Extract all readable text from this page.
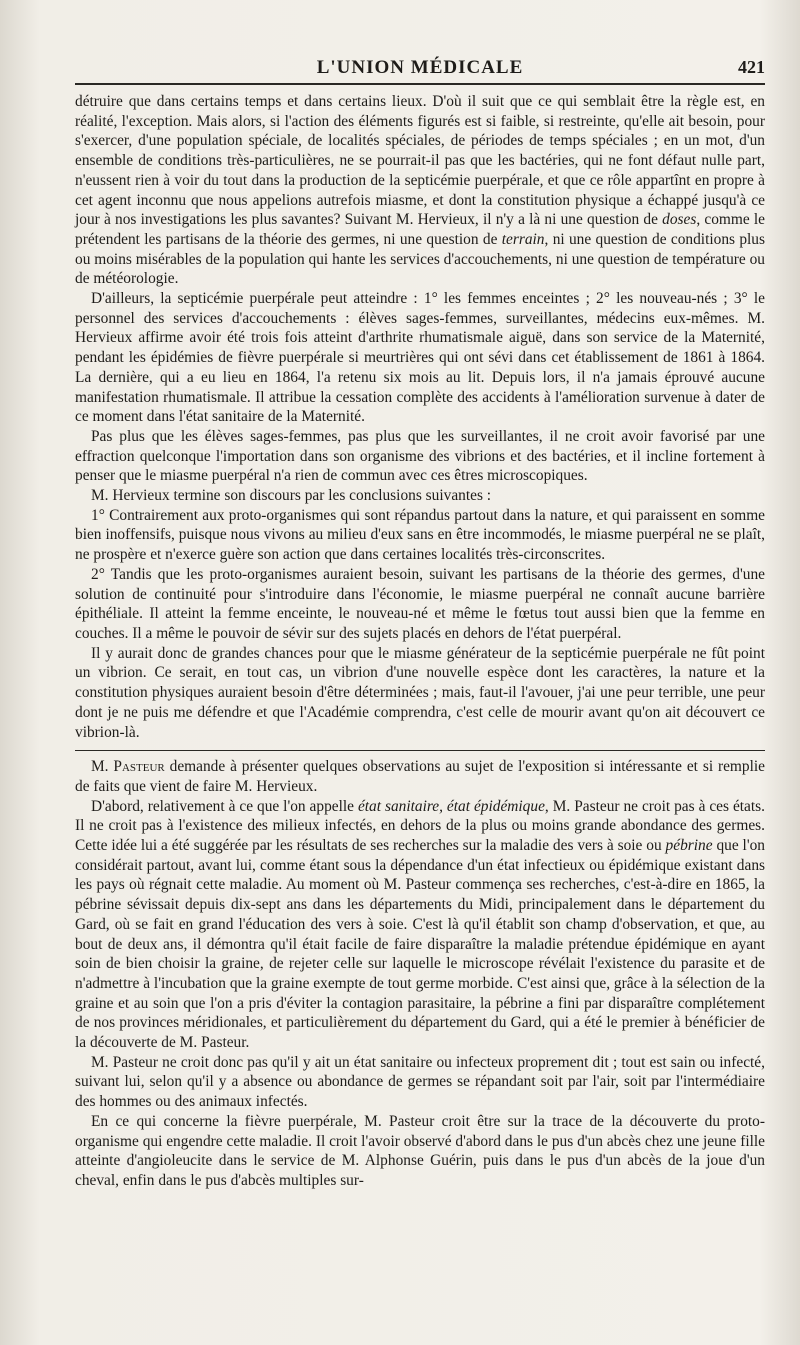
L'UNION MÉDICALE	421

détruire que dans certains temps et dans certains lieux. D'où il suit que ce qui semblait être la règle est, en réalité, l'exception. Mais alors, si l'action des éléments figurés est si faible, si restreinte, qu'elle ait besoin, pour s'exercer, d'une population spéciale, de localités spéciales, de périodes de temps spéciales ; en un mot, d'un ensemble de conditions très-particulières, ne se pourrait-il pas que les bactéries, qui ne font défaut nulle part, n'eussent rien à voir du tout dans la production de la septicémie puerpérale, et que ce rôle appartînt en propre à cet agent inconnu que nous appelions autrefois miasme, et dont la constitution physique a échappé jusqu'à ce jour à nos investigations les plus savantes? Suivant M. Hervieux, il n'y a là ni une question de doses, comme le prétendent les partisans de la théorie des germes, ni une question de terrain, ni une question de conditions plus ou moins misérables de la population qui hante les services d'accouchements, ni une question de température ou de météorologie.

D'ailleurs, la septicémie puerpérale peut atteindre : 1° les femmes enceintes ; 2° les nouveau-nés ; 3° le personnel des services d'accouchements : élèves sages-femmes, surveillantes, médecins eux-mêmes. M. Hervieux affirme avoir été trois fois atteint d'arthrite rhumatismale aiguë, dans son service de la Maternité, pendant les épidémies de fièvre puerpérale si meurtrières qui ont sévi dans cet établissement de 1861 à 1864. La dernière, qui a eu lieu en 1864, l'a retenu six mois au lit. Depuis lors, il n'a jamais éprouvé aucune manifestation rhumatismale. Il attribue la cessation complète des accidents à l'amélioration survenue à dater de ce moment dans l'état sanitaire de la Maternité.

Pas plus que les élèves sages-femmes, pas plus que les surveillantes, il ne croit avoir favorisé par une effraction quelconque l'importation dans son organisme des vibrions et des bactéries, et il incline fortement à penser que le miasme puerpéral n'a rien de commun avec ces êtres microscopiques.

M. Hervieux termine son discours par les conclusions suivantes :

1° Contrairement aux proto-organismes qui sont répandus partout dans la nature, et qui paraissent en somme bien inoffensifs, puisque nous vivons au milieu d'eux sans en être incommodés, le miasme puerpéral ne se plaît, ne prospère et n'exerce guère son action que dans certaines localités très-circonscrites.

2° Tandis que les proto-organismes auraient besoin, suivant les partisans de la théorie des germes, d'une solution de continuité pour s'introduire dans l'économie, le miasme puerpéral ne connaît aucune barrière épithéliale. Il atteint la femme enceinte, le nouveau-né et même le fœtus tout aussi bien que la femme en couches. Il a même le pouvoir de sévir sur des sujets placés en dehors de l'état puerpéral.

Il y aurait donc de grandes chances pour que le miasme générateur de la septicémie puerpérale ne fût point un vibrion. Ce serait, en tout cas, un vibrion d'une nouvelle espèce dont les caractères, la nature et la constitution physiques auraient besoin d'être déterminées ; mais, faut-il l'avouer, j'ai une peur terrible, une peur dont je ne puis me défendre et que l'Académie comprendra, c'est celle de mourir avant qu'on ait découvert ce vibrion-là.

M. Pasteur demande à présenter quelques observations au sujet de l'exposition si intéressante et si remplie de faits que vient de faire M. Hervieux.

D'abord, relativement à ce que l'on appelle état sanitaire, état épidémique, M. Pasteur ne croit pas à ces états. Il ne croit pas à l'existence des milieux infectés, en dehors de la plus ou moins grande abondance des germes. Cette idée lui a été suggérée par les résultats de ses recherches sur la maladie des vers à soie ou pébrine que l'on considérait partout, avant lui, comme étant sous la dépendance d'un état infectieux ou épidémique existant dans les pays où régnait cette maladie. Au moment où M. Pasteur commença ses recherches, c'est-à-dire en 1865, la pébrine sévissait depuis dix-sept ans dans les départements du Midi, principalement dans le département du Gard, où se fait en grand l'éducation des vers à soie. C'est là qu'il établit son champ d'observation, et que, au bout de deux ans, il démontra qu'il était facile de faire disparaître la maladie prétendue épidémique en ayant soin de bien choisir la graine, de rejeter celle sur laquelle le microscope révélait l'existence du parasite et de n'admettre à l'incubation que la graine exempte de tout germe morbide. C'est ainsi que, grâce à la sélection de la graine et au soin que l'on a pris d'éviter la contagion parasitaire, la pébrine a fini par disparaître complétement de nos provinces méridionales, et particulièrement du département du Gard, qui a été le premier à bénéficier de la découverte de M. Pasteur.

M. Pasteur ne croit donc pas qu'il y ait un état sanitaire ou infecteux proprement dit ; tout est sain ou infecté, suivant lui, selon qu'il y a absence ou abondance de germes se répandant soit par l'air, soit par l'intermédiaire des hommes ou des animaux infectés.

En ce qui concerne la fièvre puerpérale, M. Pasteur croit être sur la trace de la découverte du proto-organisme qui engendre cette maladie. Il croit l'avoir observé d'abord dans le pus d'un abcès chez une jeune fille atteinte d'angioleucite dans le service de M. Alphonse Guérin, puis dans le pus d'un abcès de la joue d'un cheval, enfin dans le pus d'abcès multiples sur-
